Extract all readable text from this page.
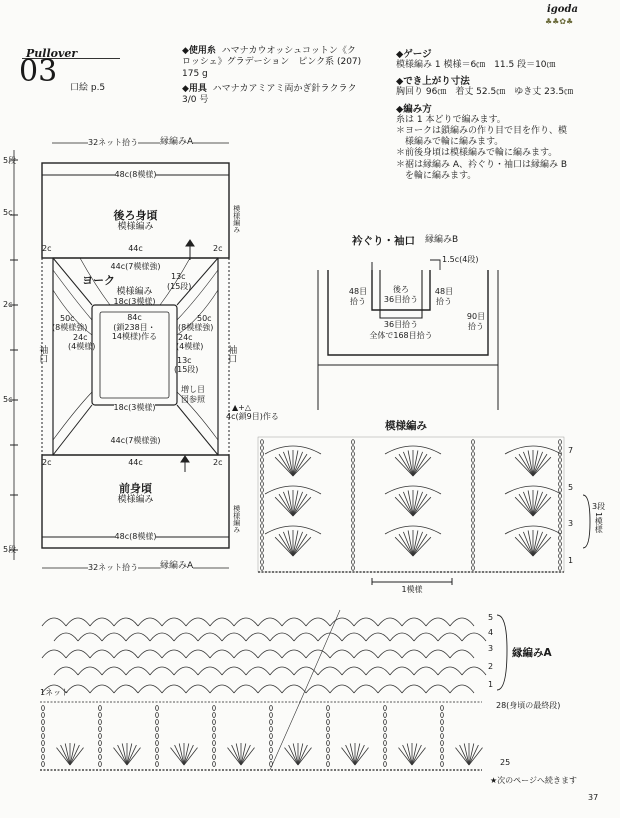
igoda
♣♣✿♣
Pullover
03 口絵 p.5
◆使用糸 ハマナカウオッシュコットン《ク
ロッシェ》グラデーション　ピンク系 (207)
175 g
◆用具 ハマナカアミアミ両かぎ針ラクラク
3/0 号
◆ゲージ
模様編み 1 模様＝6㎝　11.5 段＝10㎝
◆でき上がり寸法
胸回り 96㎝　着丈 52.5㎝　ゆき丈 23.5㎝
◆編み方
糸は 1 本どりで編みます。
＊ヨークは鎖編みの作り目で目を作り、模
　様編みで輪に編みます。
＊前後身頃は模様編みで輪に編みます。
＊裾は縁編み A、衿ぐり・袖口は縁編み B
　を輪に編みます。
5段
5c
2c
5c
5段
32ネット拾う 縁編みA
48c(8模様)
後ろ身頃
模様編み	模様編み
2c	44c	2c
44c(7模様強)
ヨーク
模様編み
18c(3模様)
13c
(15段)
84c
(鎖238目・
14模様)作る
50c
(8模様強)
50c
(8模様強)
24c
(4模様)
24c
(4模様)
袖口	袖口
13c
(15段)
増し目
図参照
18c(3模様)	▲+△
4c(鎖9目)作る
44c(7模様強)
2c	44c	2c
前身頃
模様編み
模様編み
48c(8模様)
32ネット拾う 縁編みA
衿ぐり・袖口 縁編みB
1.5c(4段)
後ろ
36目拾う
48目
拾う
48目
拾う
36目拾う
全体で168目拾う
90目
拾う
模様編み
7
5
3
1
3段
1模様
1模様
5
4
3
2
1
縁編みA
1ネット
28(身頃の最終段)
25
★次のページへ続きます
37
